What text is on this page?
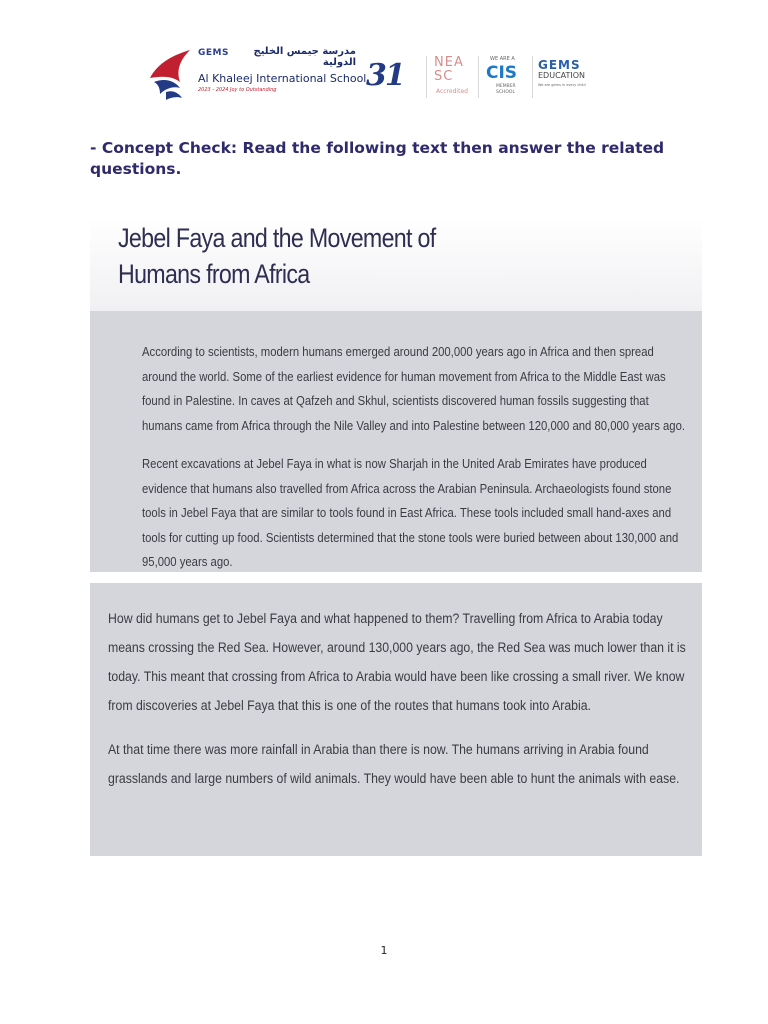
GEMS	مدرسة جيمس الخليج الدولية
Al Khaleej International School
2023 - 2024 Joy to Outstanding	31 NEA SC
Accredited
WE ARE A
CIS
MEMBER SCHOOL
GEMS
EDUCATION
We are gems in every child
- Concept Check: Read the following text then answer the related questions.
Jebel Faya and the Movement of Humans from Africa

According to scientists, modern humans emerged around 200,000 years ago in Africa and then spread around the world. Some of the earliest evidence for human movement from Africa to the Middle East was found in Palestine. In caves at Qafzeh and Skhul, scientists discovered human fossils suggesting that humans came from Africa through the Nile Valley and into Palestine between 120,000 and 80,000 years ago.

Recent excavations at Jebel Faya in what is now Sharjah in the United Arab Emirates have produced evidence that humans also travelled from Africa across the Arabian Peninsula. Archaeologists found stone tools in Jebel Faya that are similar to tools found in East Africa. These tools included small hand-axes and tools for cutting up food. Scientists determined that the stone tools were buried between about 130,000 and 95,000 years ago.

How did humans get to Jebel Faya and what happened to them? Travelling from Africa to Arabia today means crossing the Red Sea. However, around 130,000 years ago, the Red Sea was much lower than it is today. This meant that crossing from Africa to Arabia would have been like crossing a small river. We know from discoveries at Jebel Faya that this is one of the routes that humans took into Arabia.

At that time there was more rainfall in Arabia than there is now. The humans arriving in Arabia found grasslands and large numbers of wild animals. They would have been able to hunt the animals with ease.

1
